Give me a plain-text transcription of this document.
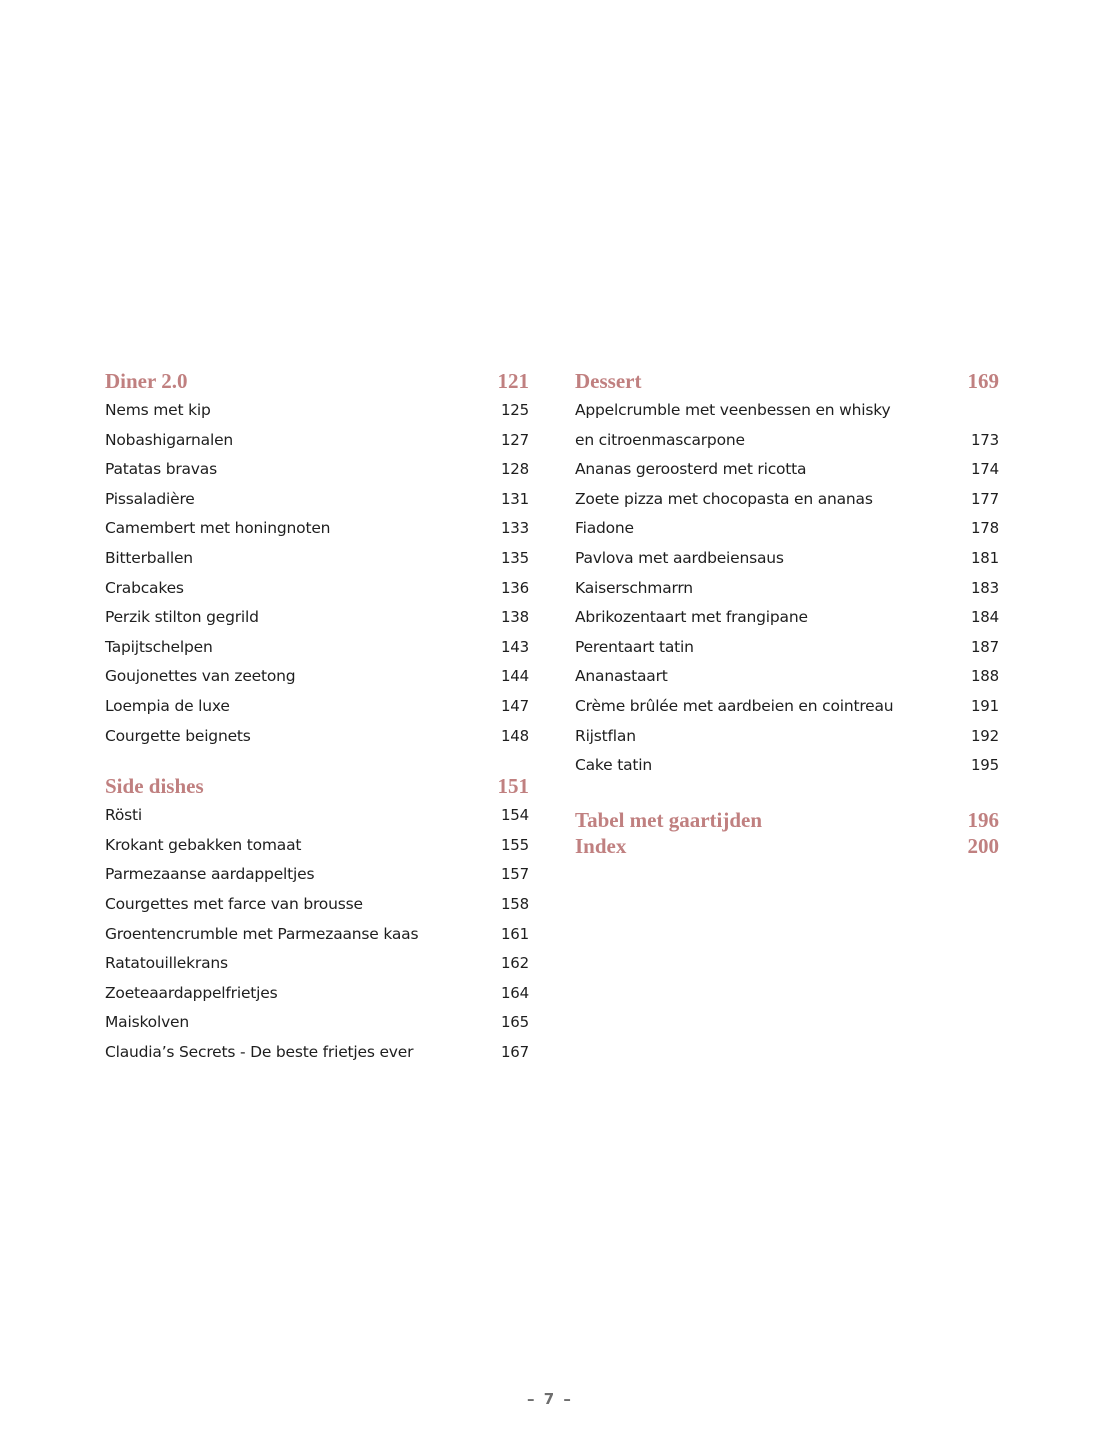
Diner 2.0	121
Nems met kip	125
Nobashigarnalen	127
Patatas bravas	128
Pissaladière	131
Camembert met honingnoten	133
Bitterballen	135
Crabcakes	136
Perzik stilton gegrild	138
Tapijtschelpen	143
Goujonettes van zeetong	144
Loempia de luxe	147
Courgette beignets	148
Side dishes	151
Rösti	154
Krokant gebakken tomaat	155
Parmezaanse aardappeltjes	157
Courgettes met farce van brousse	158
Groentencrumble met Parmezaanse kaas	161
Ratatouillekrans	162
Zoeteaardappelfrietjes	164
Maiskolven	165
Claudia’s Secrets - De beste frietjes ever	167
Dessert	169
Appelcrumble met veenbessen en whisky
en citroenmascarpone	173
Ananas geroosterd met ricotta	174
Zoete pizza met chocopasta en ananas	177
Fiadone	178
Pavlova met aardbeiensaus	181
Kaiserschmarrn	183
Abrikozentaart met frangipane	184
Perentaart tatin	187
Ananastaart	188
Crème brûlée met aardbeien en cointreau	191
Rijstflan	192
Cake tatin	195
Tabel met gaartijden	196
Index	200
– 7 –
